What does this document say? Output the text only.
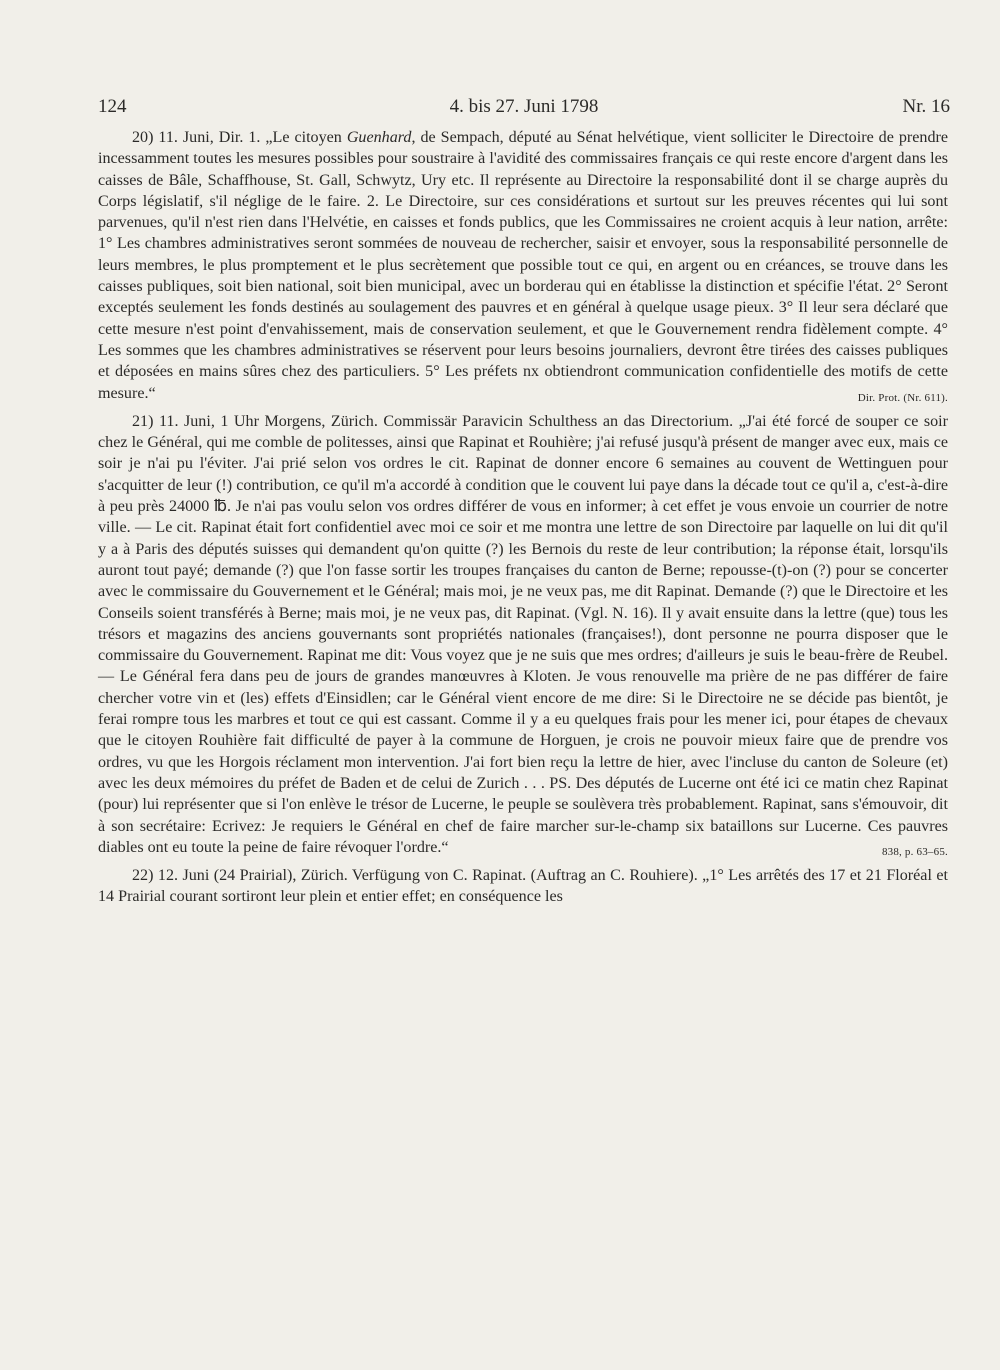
124	4. bis 27. Juni 1798	Nr. 16

20) 11. Juni, Dir. 1. „Le citoyen Guenhard, de Sempach, député au Sénat helvétique, vient solliciter le Directoire de prendre incessamment toutes les mesures possibles pour soustraire à l'avidité des commissaires français ce qui reste encore d'argent dans les caisses de Bâle, Schaffhouse, St. Gall, Schwytz, Ury etc. Il représente au Directoire la responsabilité dont il se charge auprès du Corps législatif, s'il néglige de le faire. 2. Le Directoire, sur ces considérations et surtout sur les preuves récentes qui lui sont parvenues, qu'il n'est rien dans l'Helvétie, en caisses et fonds publics, que les Commissaires ne croient acquis à leur nation, arrête: 1° Les chambres administratives seront sommées de nouveau de rechercher, saisir et envoyer, sous la responsabilité personnelle de leurs membres, le plus promptement et le plus secrètement que possible tout ce qui, en argent ou en créances, se trouve dans les caisses publiques, soit bien national, soit bien municipal, avec un borderau qui en établisse la distinction et spécifie l'état. 2° Seront exceptés seulement les fonds destinés au soulagement des pauvres et en général à quelque usage pieux. 3° Il leur sera déclaré que cette mesure n'est point d'envahissement, mais de conservation seulement, et que le Gouvernement rendra fidèlement compte. 4° Les sommes que les chambres administratives se réservent pour leurs besoins journaliers, devront être tirées des caisses publiques et déposées en mains sûres chez des particuliers. 5° Les préfets nx obtiendront communication confidentielle des motifs de cette mesure.“	Dir. Prot. (Nr. 611).

21) 11. Juni, 1 Uhr Morgens, Zürich. Commissär Paravicin Schulthess an das Directorium. „J'ai été forcé de souper ce soir chez le Général, qui me comble de politesses, ainsi que Rapinat et Rouhière; j'ai refusé jusqu'à présent de manger avec eux, mais ce soir je n'ai pu l'éviter. J'ai prié selon vos ordres le cit. Rapinat de donner encore 6 semaines au couvent de Wettinguen pour s'acquitter de leur (!) contribution, ce qu'il m'a accordé à condition que le couvent lui paye dans la décade tout ce qu'il a, c'est-à-dire à peu près 24000 ℔. Je n'ai pas voulu selon vos ordres différer de vous en informer; à cet effet je vous envoie un courrier de notre ville. — Le cit. Rapinat était fort confidentiel avec moi ce soir et me montra une lettre de son Directoire par laquelle on lui dit qu'il y a à Paris des députés suisses qui demandent qu'on quitte (?) les Bernois du reste de leur contribution; la réponse était, lorsqu'ils auront tout payé; demande (?) que l'on fasse sortir les troupes françaises du canton de Berne; repousse-(t)-on (?) pour se concerter avec le commissaire du Gouvernement et le Général; mais moi, je ne veux pas, me dit Rapinat. Demande (?) que le Directoire et les Conseils soient transférés à Berne; mais moi, je ne veux pas, dit Rapinat. (Vgl. N. 16). Il y avait ensuite dans la lettre (que) tous les trésors et magazins des anciens gouvernants sont propriétés nationales (françaises!), dont personne ne pourra disposer que le commissaire du Gouvernement. Rapinat me dit: Vous voyez que je ne suis que mes ordres; d'ailleurs je suis le beau-frère de Reubel. — Le Général fera dans peu de jours de grandes manœuvres à Kloten. Je vous renouvelle ma prière de ne pas différer de faire chercher votre vin et (les) effets d'Einsidlen; car le Général vient encore de me dire: Si le Directoire ne se décide pas bientôt, je ferai rompre tous les marbres et tout ce qui est cassant. Comme il y a eu quelques frais pour les mener ici, pour étapes de chevaux que le citoyen Rouhière fait difficulté de payer à la commune de Horguen, je crois ne pouvoir mieux faire que de prendre vos ordres, vu que les Horgois réclament mon intervention. J'ai fort bien reçu la lettre de hier, avec l'incluse du canton de Soleure (et) avec les deux mémoires du préfet de Baden et de celui de Zurich . . . PS. Des députés de Lucerne ont été ici ce matin chez Rapinat (pour) lui représenter que si l'on enlève le trésor de Lucerne, le peuple se soulèvera très probablement. Rapinat, sans s'émouvoir, dit à son secrétaire: Ecrivez: Je requiers le Général en chef de faire marcher sur-le-champ six bataillons sur Lucerne. Ces pauvres diables ont eu toute la peine de faire révoquer l'ordre.“	838, p. 63–65.

22) 12. Juni (24 Prairial), Zürich. Verfügung von C. Rapinat. (Auftrag an C. Rouhiere). „1° Les arrêtés des 17 et 21 Floréal et 14 Prairial courant sortiront leur plein et entier effet; en conséquence les
